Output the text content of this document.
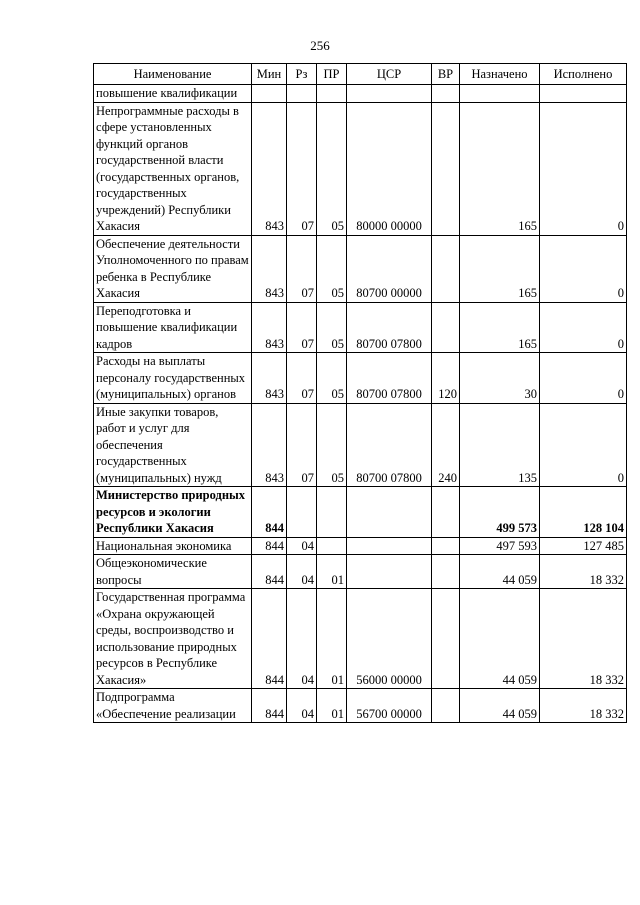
256
Наименование	Мин	Рз	ПР	ЦСР	ВР	Назначено	Исполнено
повышение квалификации							
Непрограммные расходы в сфере установленных функций органов государственной власти (государственных органов, государственных учреждений) Республики Хакасия	843	07	05	80000 00000		165	0
Обеспечение деятельности Уполномоченного по правам ребенка в Республике Хакасия	843	07	05	80700 00000		165	0
Переподготовка и повышение квалификации кадров	843	07	05	80700 07800		165	0
Расходы на выплаты персоналу государственных (муниципальных) органов	843	07	05	80700 07800	120	30	0
Иные закупки товаров, работ и услуг для обеспечения государственных (муниципальных) нужд	843	07	05	80700 07800	240	135	0
Министерство природных ресурсов и экологии Республики Хакасия	844					499 573	128 104
Национальная экономика	844	04				497 593	127 485
Общеэкономические вопросы	844	04	01			44 059	18 332
Государственная программа «Охрана окружающей среды, воспроизводство и использование природных ресурсов в Республике Хакасия»	844	04	01	56000 00000		44 059	18 332
Подпрограмма «Обеспечение реализации	844	04	01	56700 00000		44 059	18 332
